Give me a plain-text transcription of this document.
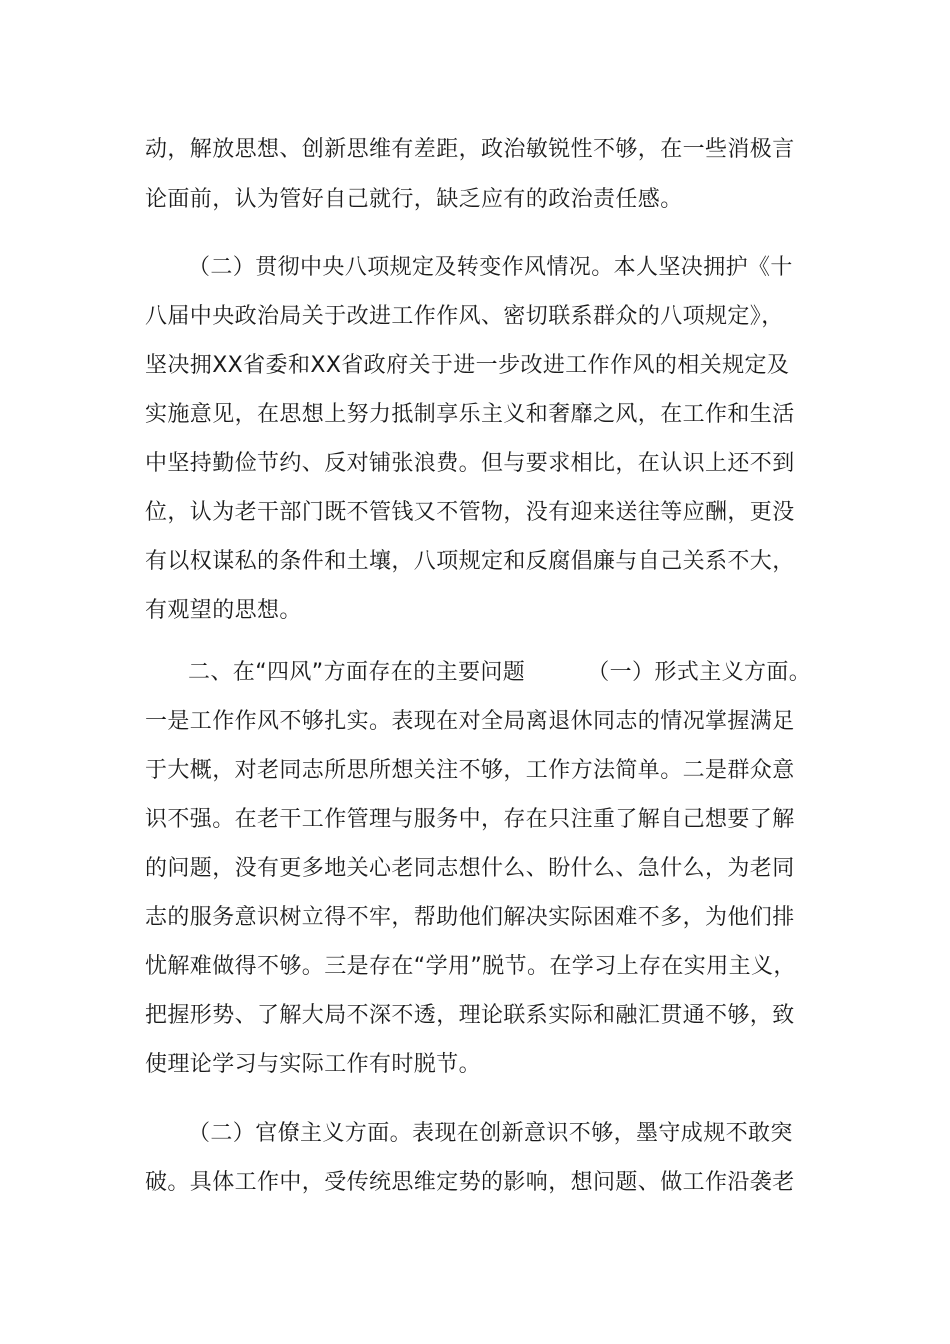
动，解放思想、创新思维有差距，政治敏锐性不够，在一些消极言
论面前，认为管好自己就行，缺乏应有的政治责任感。
（二）贯彻中央八项规定及转变作风情况。本人坚决拥护《十
八届中央政治局关于改进工作作风、密切联系群众的八项规定》，
坚决拥XX省委和XX省政府关于进一步改进工作作风的相关规定及
实施意见，在思想上努力抵制享乐主义和奢靡之风，在工作和生活
中坚持勤俭节约、反对铺张浪费。但与要求相比，在认识上还不到
位，认为老干部门既不管钱又不管物，没有迎来送往等应酬，更没
有以权谋私的条件和土壤，八项规定和反腐倡廉与自己关系不大，
有观望的思想。
二、在“四风”方面存在的主要问题	（一）形式主义方面。
一是工作作风不够扎实。表现在对全局离退休同志的情况掌握满足
于大概，对老同志所思所想关注不够，工作方法简单。二是群众意
识不强。在老干工作管理与服务中，存在只注重了解自己想要了解
的问题，没有更多地关心老同志想什么、盼什么、急什么，为老同
志的服务意识树立得不牢，帮助他们解决实际困难不多，为他们排
忧解难做得不够。三是存在“学用”脱节。在学习上存在实用主义，
把握形势、了解大局不深不透，理论联系实际和融汇贯通不够，致
使理论学习与实际工作有时脱节。
（二）官僚主义方面。表现在创新意识不够，墨守成规不敢突
破。具体工作中，受传统思维定势的影响，想问题、做工作沿袭老
